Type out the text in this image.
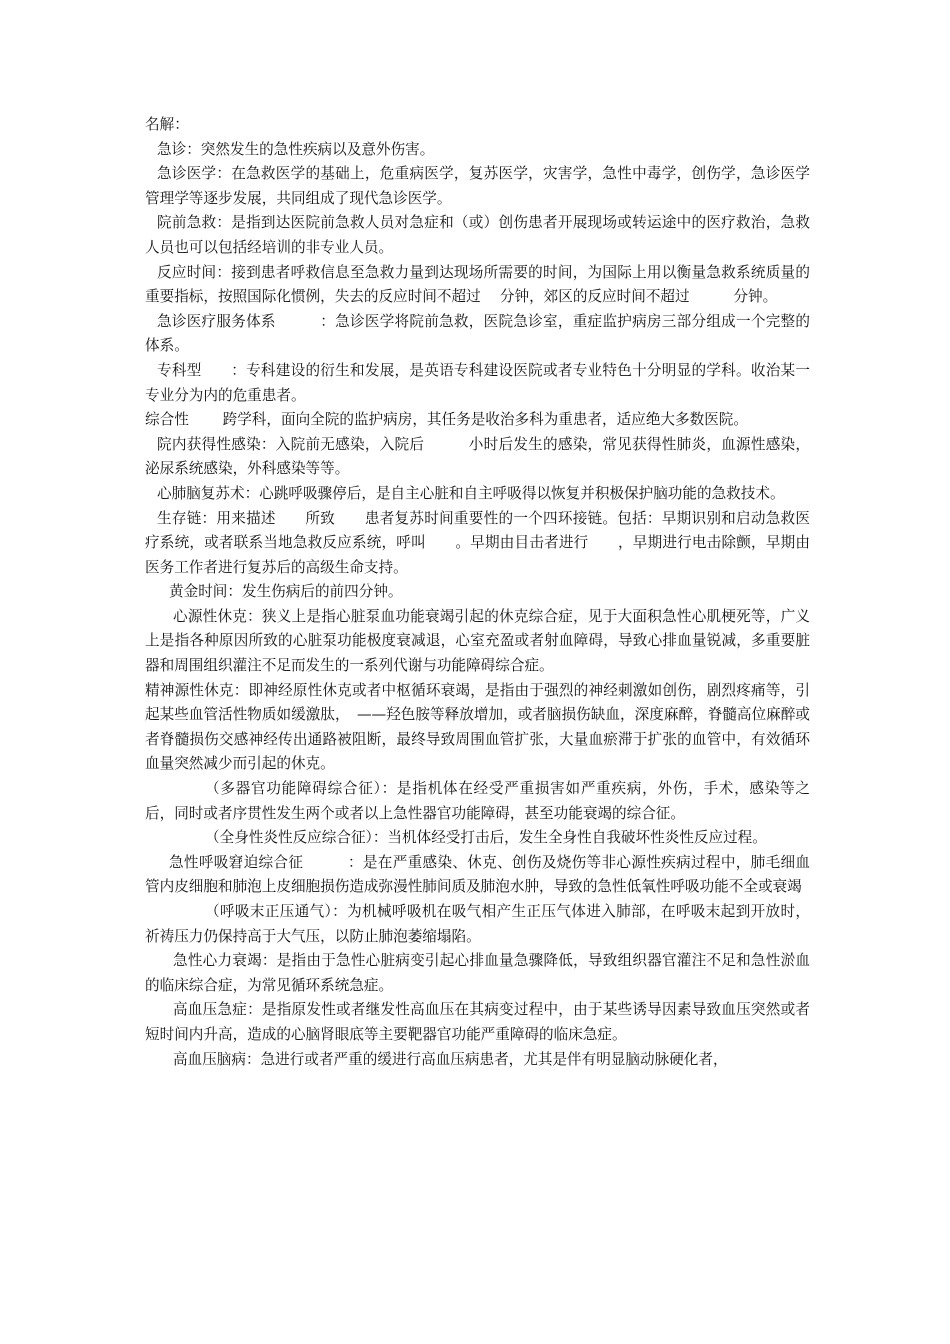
名解：

急诊：突然发生的急性疾病以及意外伤害。

急诊医学：在急救医学的基础上，危重病医学，复苏医学，灾害学，急性中毒学，创伤学，急诊医学管理学等逐步发展，共同组成了现代急诊医学。

院前急救：是指到达医院前急救人员对急症和（或）创伤患者开展现场或转运途中的医疗救治，急救人员也可以包括经培训的非专业人员。

反应时间：接到患者呼救信息至急救力量到达现场所需要的时间，为国际上用以衡量急救系统质量的重要指标，按照国际化惯例，失去的反应时间不超过　 分钟，郊区的反应时间不超过　　　分钟。

急诊医疗服务体系　　　：急诊医学将院前急救，医院急诊室，重症监护病房三部分组成一个完整的体系。

专科型　　：专科建设的衍生和发展，是英语专科建设医院或者专业特色十分明显的学科。收治某一专业分为内的危重患者。

综合性　　 跨学科，面向全院的监护病房，其任务是收治多科为重患者，适应绝大多数医院。

院内获得性感染：入院前无感染，入院后　　　小时后发生的感染，常见获得性肺炎，血源性感染，泌尿系统感染，外科感染等等。

心肺脑复苏术：心跳呼吸骤停后，是自主心脏和自主呼吸得以恢复并积极保护脑功能的急救技术。

生存链：用来描述　　所致　　患者复苏时间重要性的一个四环接链。包括：早期识别和启动急救医疗系统，或者联系当地急救反应系统，呼叫　　。早期由目击者进行　　，早期进行电击除颤，早期由医务工作者进行复苏后的高级生命支持。

黄金时间：发生伤病后的前四分钟。

心源性休克：狭义上是指心脏泵血功能衰竭引起的休克综合症，见于大面积急性心肌梗死等，广义上是指各种原因所致的心脏泵功能极度衰减退，心室充盈或者射血障碍，导致心排血量锐减，多重要脏器和周围组织灌注不足而发生的一系列代谢与功能障碍综合症。

精神源性休克：即神经原性休克或者中枢循环衰竭，是指由于强烈的神经刺激如创伤，剧烈疼痛等，引起某些血管活性物质如缓激肽，　——羟色胺等释放增加，或者脑损伤缺血，深度麻醉，脊髓高位麻醉或者脊髓损伤交感神经传出通路被阻断，最终导致周围血管扩张，大量血瘀滞于扩张的血管中，有效循环血量突然减少而引起的休克。

（多器官功能障碍综合征）：是指机体在经受严重损害如严重疾病，外伤，手术，感染等之后，同时或者序贯性发生两个或者以上急性器官功能障碍，甚至功能衰竭的综合征。

（全身性炎性反应综合征）：当机体经受打击后，发生全身性自我破坏性炎性反应过程。

急性呼吸窘迫综合征　　　：是在严重感染、休克、创伤及烧伤等非心源性疾病过程中，肺毛细血管内皮细胞和肺泡上皮细胞损伤造成弥漫性肺间质及肺泡水肿，导致的急性低氧性呼吸功能不全或衰竭

（呼吸末正压通气）：为机械呼吸机在吸气相产生正压气体进入肺部，在呼吸末起到开放时，祈祷压力仍保持高于大气压，以防止肺泡萎缩塌陷。

急性心力衰竭：是指由于急性心脏病变引起心排血量急骤降低，导致组织器官灌注不足和急性淤血的临床综合症，为常见循环系统急症。

高血压急症：是指原发性或者继发性高血压在其病变过程中，由于某些诱导因素导致血压突然或者短时间内升高，造成的心脑肾眼底等主要靶器官功能严重障碍的临床急症。

高血压脑病：急进行或者严重的缓进行高血压病患者，尤其是伴有明显脑动脉硬化者，
